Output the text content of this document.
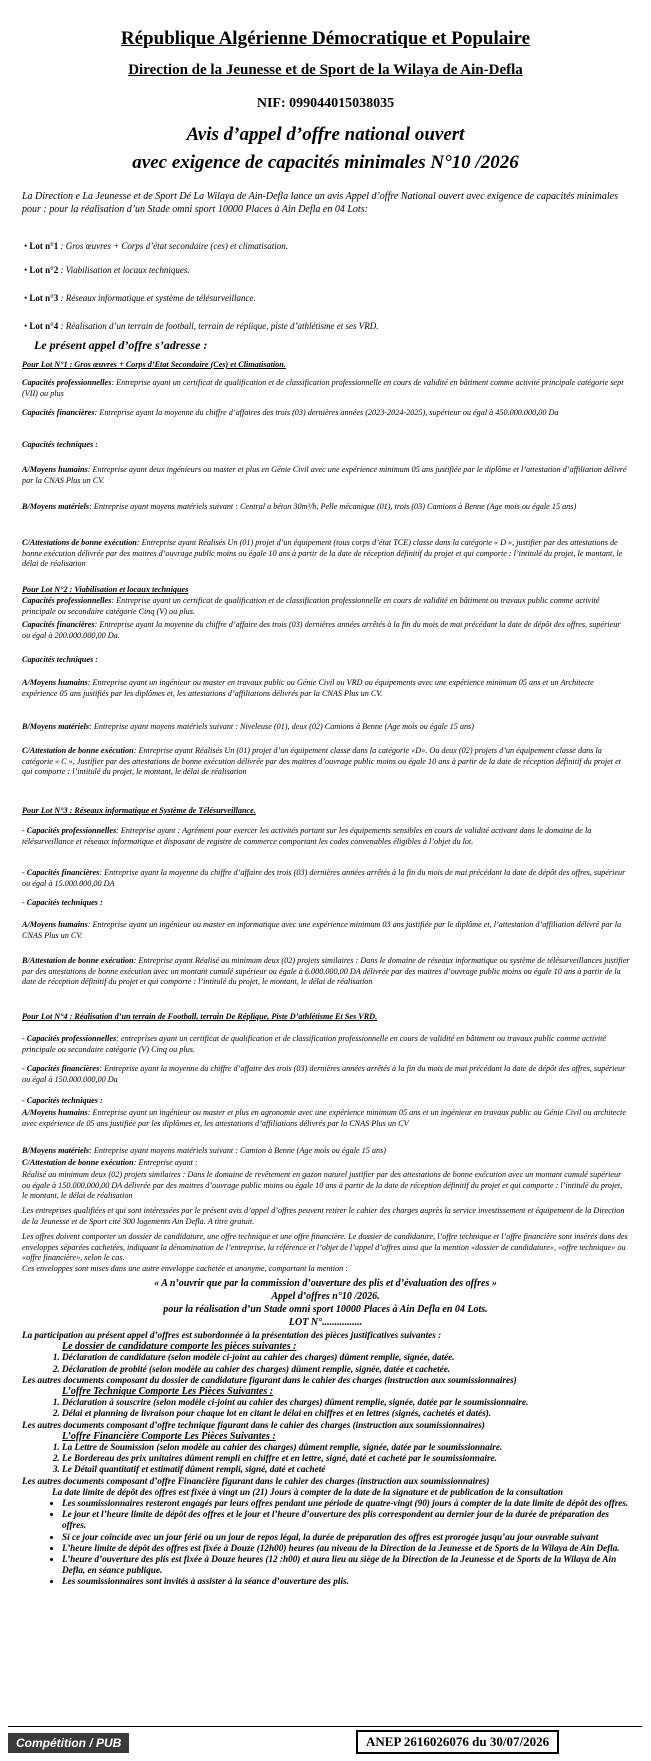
République Algérienne Démocratique et Populaire
Direction de la Jeunesse et de Sport de la Wilaya de Ain-Defla
NIF: 099044015038035
Avis d’appel d’offre national ouvert
avec exigence de capacités minimales N°10 /2026
La Direction e La Jeunesse et de Sport Dé La Wilaya de Ain-Defla lance un avis Appel d’offre National ouvert avec exigence de capacités minimales pour : pour la réalisation d’un Stade omni sport 10000 Places à Ain Defla en 04 Lots:
• Lot n°1 : Gros œuvres + Corps d’état secondaire (ces) et climatisation.
• Lot n°2 : Viabilisation et locaux techniques.
• Lot n°3 : Réseaux informatique et système de télésurveillance.
• Lot n°4 : Réalisation d’un terrain de football, terrain de réplique, piste d’athlétisme et ses VRD.
Le présent appel d’offre s’adresse :
Pour Lot N°1 : Gros œuvres + Corps d’Etat Secondaire (Ces) et Climatisation.
Capacités professionnelles: Entreprise ayant un certificat de qualification et de classification professionnelle en cours de validité en bâtiment comme activité principale catégorie sept (VII) ou plus
Capacités financières: Entreprise ayant la moyenne du chiffre d’affaires des trois (03) dernières années (2023-2024-2025), supérieur ou égal à 450.000.000,00 Da
Capacités techniques :
A/Moyens humains: Entreprise ayant deux ingénieurs ou master et plus en Génie Civil avec une expérience minimum 05 ans justifiée par le diplôme et l’attestation d’affiliation délivré par la CNAS Plus un CV.
B/Moyens matériels: Entreprise ayant moyens matériels suivant : Central a béton 30m³/h, Pelle mécanique (01), trois (03) Camions à Benne (Age mois ou égale 15 ans)
C/Attestations de bonne exécution: Entreprise ayant Réalisés Un (01) projet d’un équipement (tous corps d’état TCE) classe dans la catégorie « D », justifier par des attestations de bonne exécution délivrée par des maitres d’ouvrage public moins ou égale 10 ans à partir de la date de réception définitif du projet et qui comporte : l’intitulé du projet, le montant, le délai de réalisation
Pour Lot N°2 : Viabilisation et locaux techniques
Capacités professionnelles: Entreprise ayant un certificat de qualification et de classification professionnelle en cours de validité en bâtiment ou travaux public comme activité principale ou secondaire catégorie Cinq (V) ou plus.
Capacités financières: Entreprise ayant la moyenne du chiffre d’affaire des trois (03) dernières années arrêtés à la fin du mois de mai précédant la date de dépôt des offres, supérieur ou égal à 200.000.000,00 Da.
Capacités techniques :
A/Moyens humains: Entreprise ayant un ingénieur ou master en travaux public ou Génie Civil ou VRD ou équipements avec une expérience minimum 05 ans et un Architecte expérience 05 ans justifiés par les diplômes et, les attestations d’affiliations délivrés par la CNAS Plus un CV.
B/Moyens matériels: Entreprise ayant moyens matériels suivant : Niveleuse (01), deux (02) Camions à Benne (Age mois ou égale 15 ans)
C/Attestation de bonne exécution: Entreprise ayant Réalisés Un (01) projet d’un équipement classe dans la catégorie «D». Ou deux (02) projets d’un équipement classe dans la catégorie « C », Justifier par des attestations de bonne exécution délivrée par des maitres d’ouvrage public moins ou égale 10 ans à partir de la date de réception définitif du projet et qui comporte : l’intitulé du projet, le montant, le délai de réalisation
Pour Lot N°3 : Réseaux informatique et Système de Télésurveillance.
- Capacités professionnelles: Entreprise ayant : Agrément pour exercer les activités portant sur les équipements sensibles en cours de validité activant dans le domaine de la télésurveillance et réseaux informatique et disposant de registre de commerce comportant les codes convenables éligibles à l’objet du lot.
- Capacités financières: Entreprise ayant la moyenne du chiffre d’affaire des trois (03) dernières années arrêtés à la fin du mois de mai précédant la date de dépôt des offres, supérieur ou égal à 15.000.000,00 DA
- Capacités techniques :
A/Moyens humains: Entreprise ayant un ingénieur ou master en informatique avec une expérience minimum 03 ans justifiée par le diplôme et, l’attestation d’affiliation délivré par la CNAS Plus un CV.
B/Attestation de bonne exécution: Entreprise ayant Réalisé au minimum deux (02) projets similaires : Dans le domaine de réseaux informatique ou système de télésurveillances justifier par des attestations de bonne exécution avec un montant cumulé supérieur ou égale à 6.000.000,00 DA délivrée par des maitres d’ouvrage public moins ou égale 10 ans à partir de la date de réception définitif du projet et qui comporte : l’intitulé du projet, le montant, le délai de réalisation
Pour Lot N°4 : Réalisation d’un terrain de Football, terrain De Réplique, Piste D’athlétisme Et Ses VRD.
- Capacités professionnelles: entreprises ayant un certificat de qualification et de classification professionnelle en cours de validité en bâtiment ou travaux public comme activité principale ou secondaire catégorie (V) Cinq ou plus.
- Capacités financières: Entreprise ayant la moyenne du chiffre d’affaire des trois (03) dernières années arrêtés à la fin du mois de mai précédant la date de dépôt des offres, supérieur ou égal à 150.000.000,00 Da
- Capacités techniques :
A/Moyens humains: Entreprise ayant un ingénieur ou master et plus en agronomie avec une expérience minimum 05 ans et un ingénieur en travaux public ou Génie Civil ou architecte avec expérience de 05 ans justifiée par les diplômes et, les attestations d’affiliations délivrés par la CNAS Plus un CV
B/Moyens matériels: Entreprise ayant moyens matériels suivant : Camion à Benne (Age mois ou égale 15 ans)
C/Attestation de bonne exécution: Entreprise ayant :
Réalisé au minimum deux (02) projets similaires : Dans le domaine de revêtement en gazon naturel justifier par des attestations de bonne exécution avec un montant cumulé supérieur ou égale à 150.000.000,00 DA délivrée par des maitres d’ouvrage public moins ou égale 10 ans à partir de la date de réception définitif du projet et qui comporte : l’intitulé du projet, le montant, le délai de réalisation
Les entreprises qualifiées et qui sont intéressées par le présent avis d’appel d’offres peuvent retirer le cahier des charges auprès la service investissement et équipement de la Direction de la Jeunesse et de Sport cité 300 logements Ain Defla. A titre gratuit.
Les offres doivent comporter un dossier de candidature, une offre technique et une offre financière. Le dossier de candidature, l’offre technique et l’offre financière sont insérés dans des enveloppes séparées cachetées, indiquant la dénomination de l’entreprise, la référence et l’objet de l’appel d’offres ainsi que la mention «dossier de candidature», «offre technique» ou «offre financière», selon le cas.
Ces enveloppes sont mises dans une autre enveloppe cachetée et anonyme, comportant la mention :
« A n’ouvrir que par la commission d’ouverture des plis et d’évaluation des offres »
Appel d’offres n°10 /2026.
pour la réalisation d’un Stade omni sport 10000 Places à Ain Defla en 04 Lots.
LOT N°................
La participation au présent appel d’offres est subordonnée à la présentation des pièces justificatives suivantes :
Le dossier de candidature comporte les pièces suivantes :
1. Déclaration de candidature (selon modèle ci-joint au cahier des charges) dûment remplie, signée, datée.
2. Déclaration de probité (selon modèle au cahier des charges) dûment remplie, signée, datée et cachetée.
Les autres documents composant du dossier de candidature figurant dans le cahier des charges (instruction aux soumissionnaires)
L’offre Technique Comporte Les Pièces Suivantes :
1. Déclaration à souscrire (selon modèle ci-joint au cahier des charges) dûment remplie, signée, datée par le soumissionnaire.
2. Délai et planning de livraison pour chaque lot en citant le délai en chiffres et en lettres (signés, cachetés et datés).
Les autres documents composant d’offre technique figurant dans le cahier des charges (instruction aux soumissionnaires)
L’offre Financière Comporte Les Pièces Suivantes :
1. La Lettre de Soumission (selon modèle au cahier des charges) dûment remplie, signée, datée par le soumissionnaire.
2. Le Bordereau des prix unitaires dûment rempli en chiffre et en lettre, signé, daté et cacheté par le soumissionnaire.
3. Le Détail quantitatif et estimatif dûment rempli, signé, daté et cacheté
Les autres documents composant d’offre Financière figurant dans le cahier des charges (instruction aux soumissionnaires)
La date limite de dépôt des offres est fixée à vingt un (21) Jours à compter de la date de la signature et de publication de la consultation
• Les soumissionnaires resteront engagés par leurs offres pendant une période de quatre-vingt (90) jours à compter de la date limite de dépôt des offres.
• Le jour et l’heure limite de dépôt des offres et le jour et l’heure d’ouverture des plis correspondent au dernier jour de la durée de préparation des offres.
• Si ce jour coïncide avec un jour férié ou un jour de repos légal, la durée de préparation des offres est prorogée jusqu’au jour ouvrable suivant
• L’heure limite de dépôt des offres est fixée à Douze (12h00) heures (au niveau de la Direction de la Jeunesse et de Sports de la Wilaya de Ain Defla.
• L’heure d’ouverture des plis est fixée à Douze heures (12 :h00) et aura lieu au siège de la Direction de la Jeunesse et de Sports de la Wilaya de Ain Defla, en séance publique.
• Les soumissionnaires sont invités à assister à la séance d’ouverture des plis.
Compétition / PUB	ANEP 2616026076 du 30/07/2026
